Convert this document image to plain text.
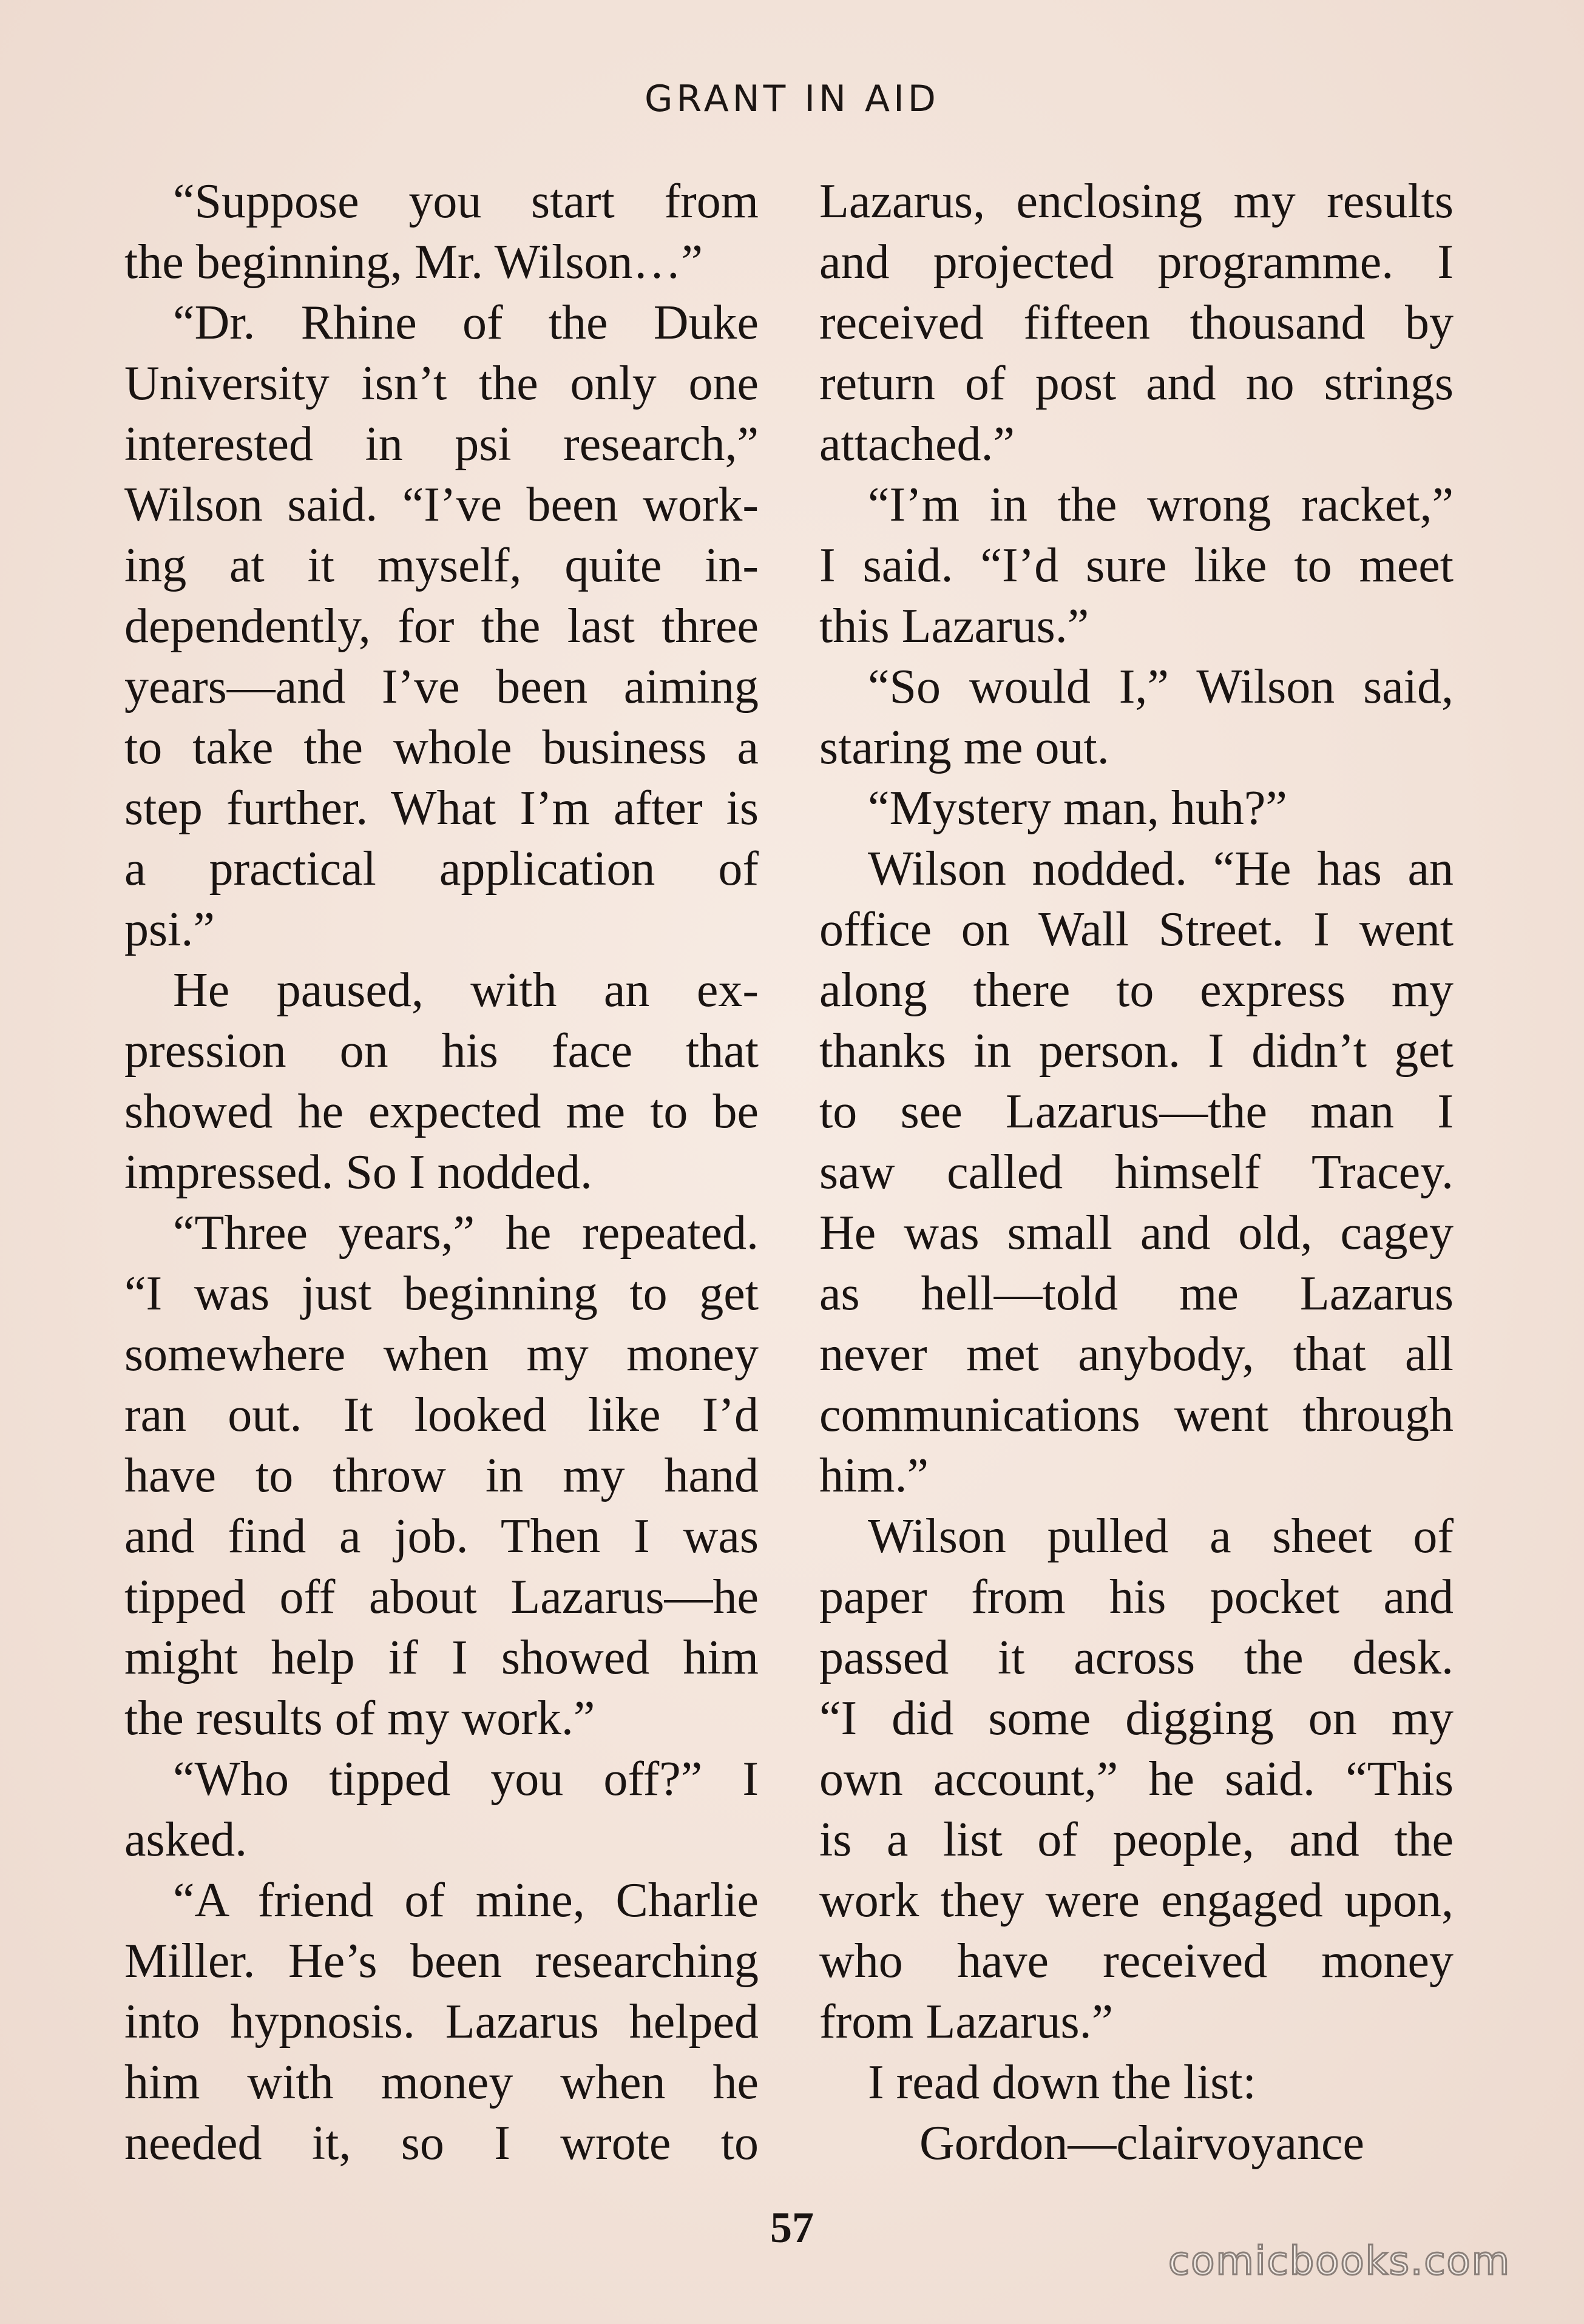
GRANT IN AID
“Suppose you start from
the beginning, Mr. Wilson…”
“Dr. Rhine of the Duke
University isn’t the only one
interested in psi research,”
Wilson said. “I’ve been work-
ing at it myself, quite in-
dependently, for the last three
years—and I’ve been aiming
to take the whole business a
step further. What I’m after is
a practical application of
psi.”
He paused, with an ex-
pression on his face that
showed he expected me to be
impressed. So I nodded.
“Three years,” he repeated.
“I was just beginning to get
somewhere when my money
ran out. It looked like I’d
have to throw in my hand
and find a job. Then I was
tipped off about Lazarus—he
might help if I showed him
the results of my work.”
“Who tipped you off?” I
asked.
“A friend of mine, Charlie
Miller. He’s been researching
into hypnosis. Lazarus helped
him with money when he
needed it, so I wrote to
Lazarus, enclosing my results
and projected programme. I
received fifteen thousand by
return of post and no strings
attached.”
“I’m in the wrong racket,”
I said. “I’d sure like to meet
this Lazarus.”
“So would I,” Wilson said,
staring me out.
“Mystery man, huh?”
Wilson nodded. “He has an
office on Wall Street. I went
along there to express my
thanks in person. I didn’t get
to see Lazarus—the man I
saw called himself Tracey.
He was small and old, cagey
as hell—told me Lazarus
never met anybody, that all
communications went through
him.”
Wilson pulled a sheet of
paper from his pocket and
passed it across the desk.
“I did some digging on my
own account,” he said. “This
is a list of people, and the
work they were engaged upon,
who have received money
from Lazarus.”
I read down the list:
Gordon—clairvoyance
57
comicbooks.com
